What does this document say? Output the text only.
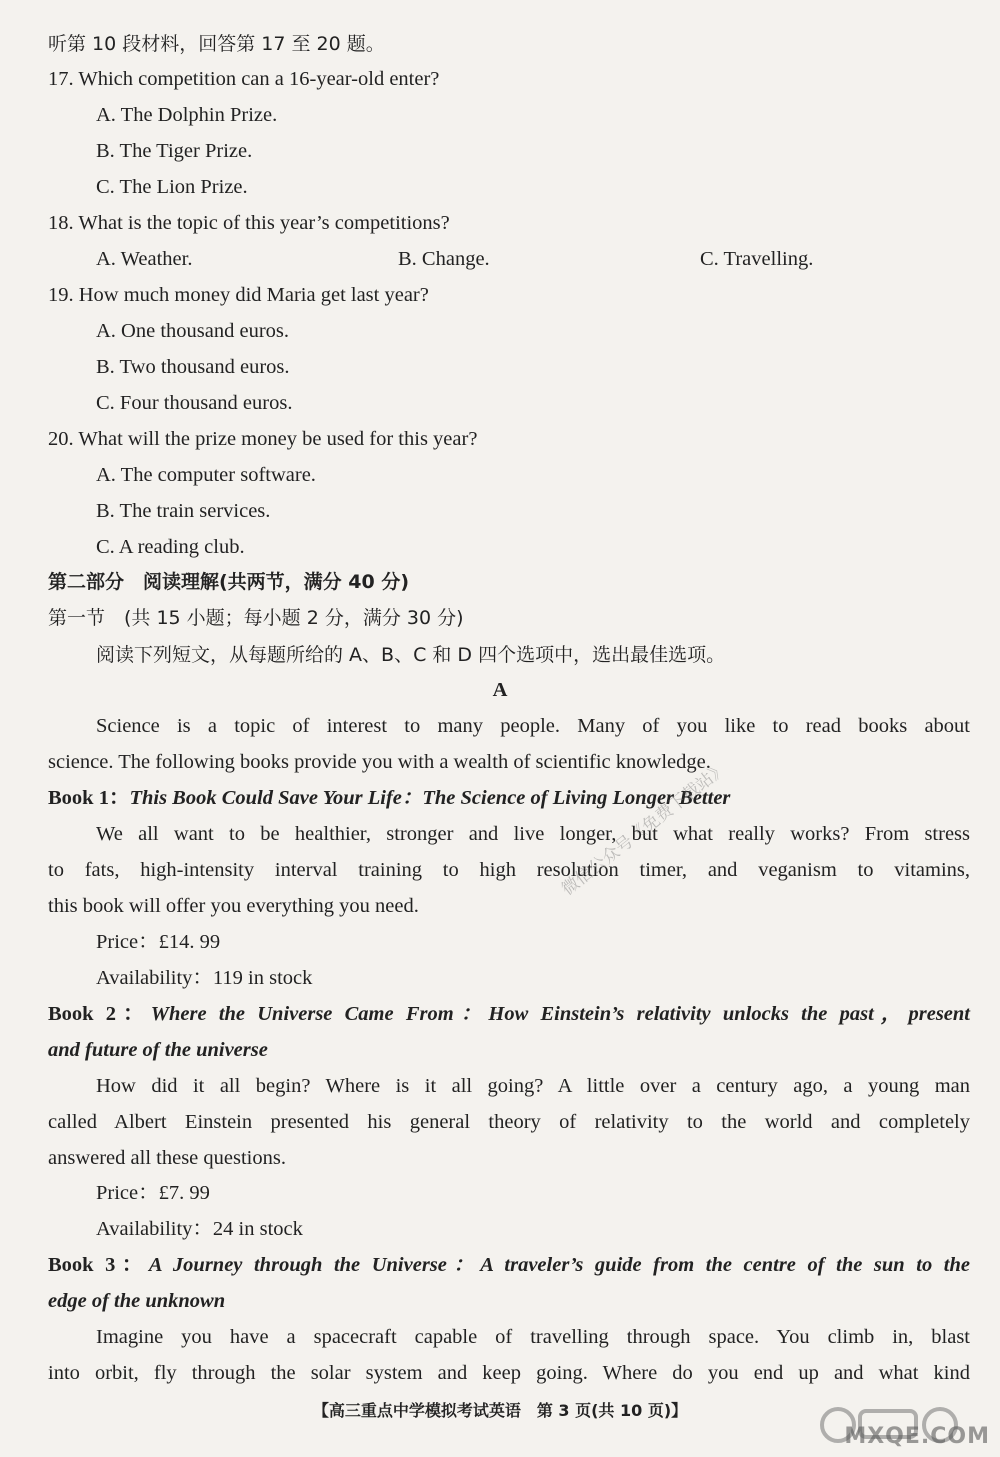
听第 10 段材料，回答第 17 至 20 题。
17. Which competition can a 16-year-old enter?
A. The Dolphin Prize.
B. The Tiger Prize.
C. The Lion Prize.
18. What is the topic of this year’s competitions?
A. Weather.	B. Change.	C. Travelling.
19. How much money did Maria get last year?
A. One thousand euros.
B. Two thousand euros.
C. Four thousand euros.
20. What will the prize money be used for this year?
A. The computer software.
B. The train services.
C. A reading club.
第二部分　阅读理解(共两节，满分 40 分)
第一节　(共 15 小题；每小题 2 分，满分 30 分)
阅读下列短文，从每题所给的 A、B、C 和 D 四个选项中，选出最佳选项。
A
Science is a topic of interest to many people. Many of you like to read books about
science. The following books provide you with a wealth of scientific knowledge.
Book 1：This Book Could Save Your Life：The Science of Living Longer Better
We all want to be healthier, stronger and live longer, but what really works? From stress
to fats, high-intensity interval training to high resolution timer, and veganism to vitamins,
this book will offer you everything you need.
Price：£14. 99
Availability：119 in stock
Book 2：Where the Universe Came From：How Einstein’s relativity unlocks the past，present
and future of the universe
How did it all begin? Where is it all going? A little over a century ago, a young man
called Albert Einstein presented his general theory of relativity to the world and completely
answered all these questions.
Price：£7. 99
Availability：24 in stock
Book 3：A Journey through the Universe：A traveler’s guide from the centre of the sun to the
edge of the unknown
Imagine you have a spacecraft capable of travelling through space. You climb in, blast
into orbit, fly through the solar system and keep going. Where do you end up and what kind
【高三重点中学模拟考试英语　第 3 页(共 10 页)】
微信公众号《免费下载站》
MXQE.COM
